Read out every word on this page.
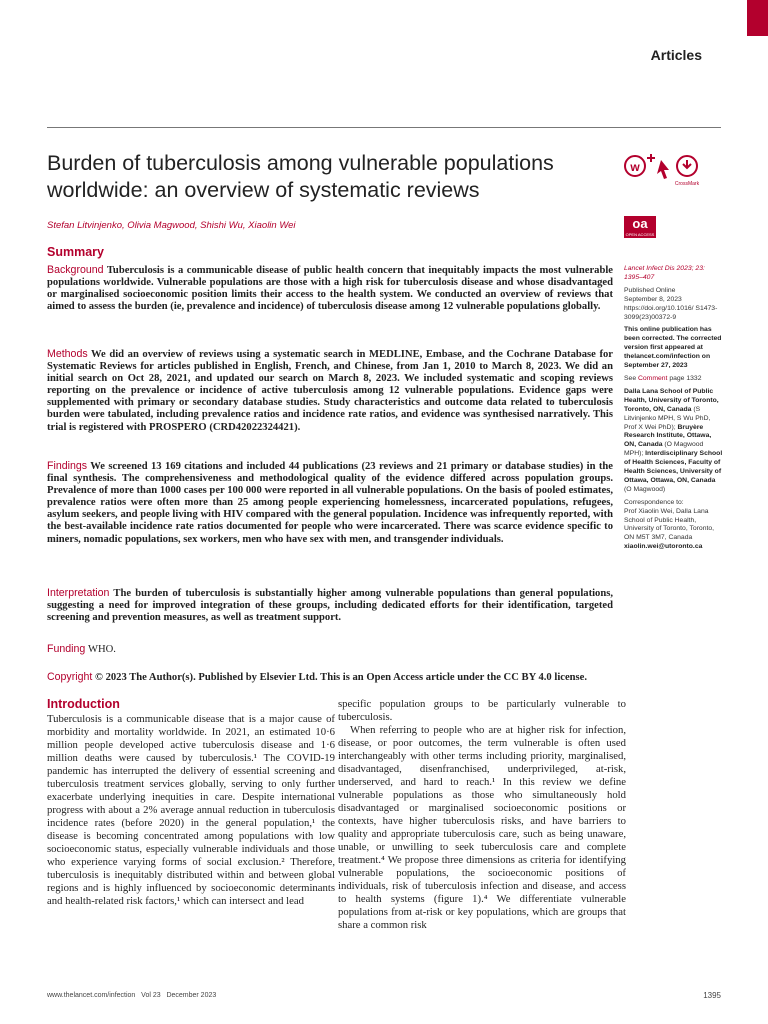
Articles
Burden of tuberculosis among vulnerable populations worldwide: an overview of systematic reviews
Stefan Litvinjenko, Olivia Magwood, Shishi Wu, Xiaolin Wei
w
CrossMark
oa
OPEN ACCESS
Summary
Background Tuberculosis is a communicable disease of public health concern that inequitably impacts the most vulnerable populations worldwide. Vulnerable populations are those with a high risk for tuberculosis disease and whose disadvantaged or marginalised socioeconomic position limits their access to the health system. We conducted an overview of reviews that aimed to assess the burden (ie, prevalence and incidence) of tuberculosis disease among 12 vulnerable populations globally.
Methods We did an overview of reviews using a systematic search in MEDLINE, Embase, and the Cochrane Database for Systematic Reviews for articles published in English, French, and Chinese, from Jan 1, 2010 to March 8, 2023. We did an initial search on Oct 28, 2021, and updated our search on March 8, 2023. We included systematic and scoping reviews reporting on the prevalence or incidence of active tuberculosis among 12 vulnerable populations. Evidence gaps were supplemented with primary or secondary database studies. Study characteristics and outcome data related to tuberculosis burden were tabulated, including prevalence ratios and incidence rate ratios, and evidence was synthesised narratively. This trial is registered with PROSPERO (CRD42022324421).
Findings We screened 13 169 citations and included 44 publications (23 reviews and 21 primary or database studies) in the final synthesis. The comprehensiveness and methodological quality of the evidence differed across population groups. Prevalence of more than 1000 cases per 100 000 were reported in all vulnerable populations. On the basis of pooled estimates, prevalence ratios were often more than 25 among people experiencing homelessness, incarcerated populations, refugees, asylum seekers, and people living with HIV compared with the general population. Incidence was infrequently reported, with the best-available incidence rate ratios documented for people who were incarcerated. There was scarce evidence specific to miners, nomadic populations, sex workers, men who have sex with men, and transgender individuals.
Interpretation The burden of tuberculosis is substantially higher among vulnerable populations than general populations, suggesting a need for improved integration of these groups, including dedicated efforts for their identification, targeted screening and prevention measures, as well as treatment support.
Funding WHO.
Copyright © 2023 The Author(s). Published by Elsevier Ltd. This is an Open Access article under the CC BY 4.0 license.
Introduction

Tuberculosis is a communicable disease that is a major cause of morbidity and mortality worldwide. In 2021, an estimated 10·6 million people developed active tuberculosis disease and 1·6 million deaths were caused by tuberculosis.¹ The COVID-19 pandemic has interrupted the delivery of essential screening and tuberculosis treatment services globally, serving to only further exacerbate underlying inequities in care. Despite international progress with about a 2% average annual reduction in tuberculosis incidence rates (before 2020) in the general population,¹ the disease is becoming concentrated among populations with low socioeconomic status, especially vulnerable individuals and those who experience varying forms of social exclusion.² Therefore, tuberculosis is inequitably distributed within and between global regions and is highly influenced by socioeconomic determinants and health-related risk factors,¹ which can intersect and lead

specific population groups to be particularly vulnerable to tuberculosis.

When referring to people who are at higher risk for infection, disease, or poor outcomes, the term vulnerable is often used interchangeably with other terms including priority, marginalised, disadvantaged, disenfranchised, underprivileged, at-risk, underserved, and hard to reach.¹ In this review we define vulnerable populations as those who simultaneously hold disadvantaged or marginalised socioeconomic positions or contexts, have higher tuberculosis risks, and have barriers to quality and appropriate tuberculosis care, such as being unaware, unable, or unwilling to seek tuberculosis care and complete treatment.⁴ We propose three dimensions as criteria for identifying vulnerable populations, the socioeconomic positions of individuals, risk of tuberculosis infection and disease, and access to health systems (figure 1).⁴ We differentiate vulnerable populations from at-risk or key populations, which are groups that share a common risk

Lancet Infect Dis 2023; 23: 1395–407
Published Online
September 8, 2023
https://doi.org/10.1016/ S1473-3099(23)00372-9
This online publication has been corrected. The corrected version first appeared at thelancet.com/infection on September 27, 2023
See Comment page 1332
Dalla Lana School of Public Health, University of Toronto, Toronto, ON, Canada (S Litvinjenko MPH, S Wu PhD, Prof X Wei PhD); Bruyère Research Institute, Ottawa, ON, Canada (O Magwood MPH); Interdisciplinary School of Health Sciences, Faculty of Health Sciences, University of Ottawa, Ottawa, ON, Canada (O Magwood)
Correspondence to:
Prof Xiaolin Wei, Dalla Lana School of Public Health, University of Toronto, Toronto, ON M5T 3M7, Canada
xiaolin.wei@utoronto.ca
www.thelancet.com/infection   Vol 23   December 2023	1395
